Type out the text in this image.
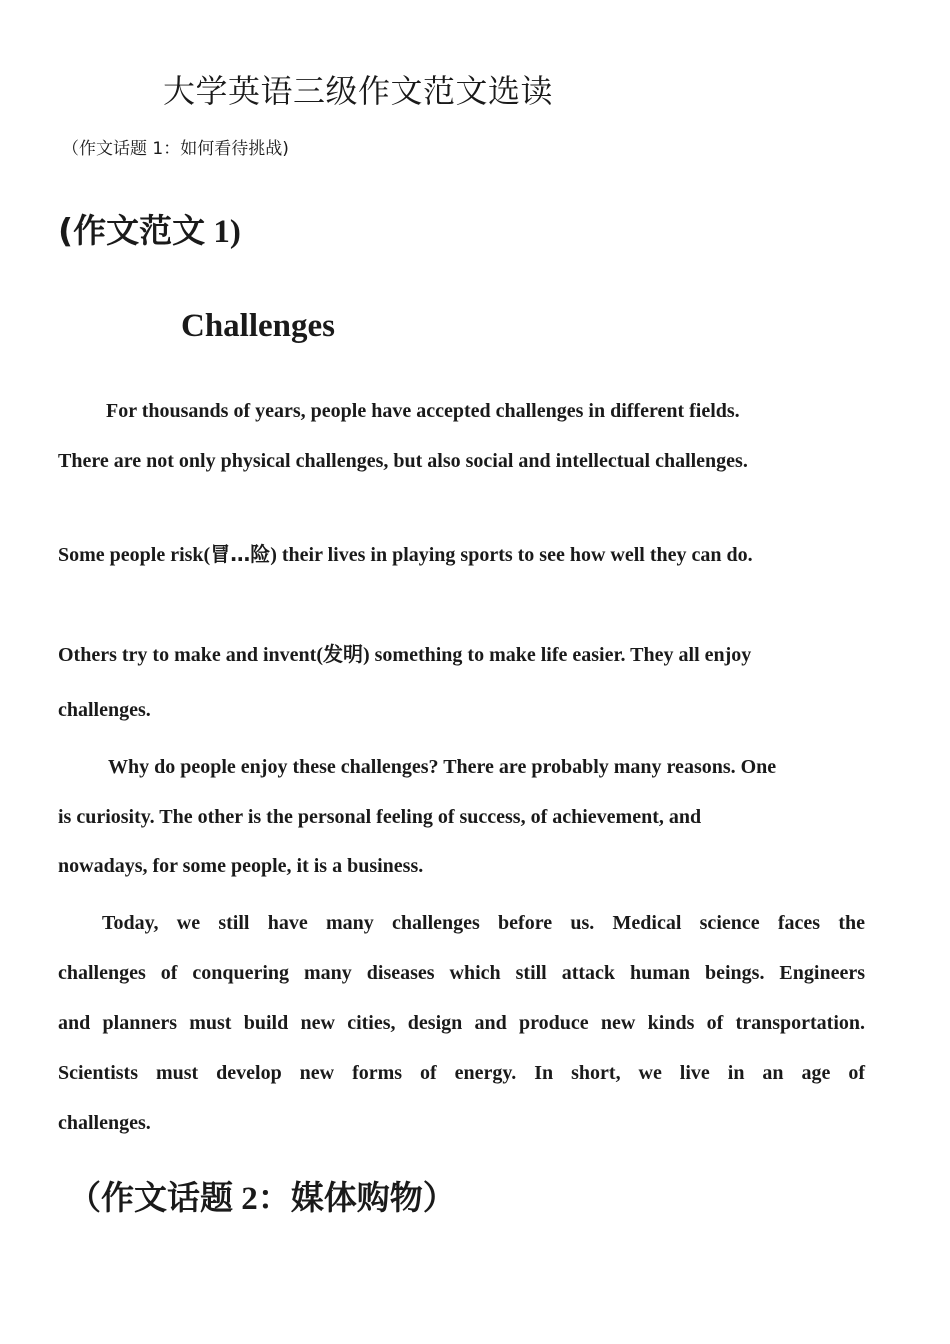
大学英语三级作文范文选读
（作文话题 1：如何看待挑战)
(作文范文 1)
Challenges
For thousands of years, people have accepted challenges in different fields.
There are not only physical challenges, but also social and intellectual challenges.
Some people risk(冒…险) their lives in playing sports to see how well they can do.
Others try to make and invent(发明) something to make life easier. They all enjoy
challenges.
Why do people enjoy these challenges? There are probably many reasons. One
is curiosity. The other is the personal feeling of success, of achievement, and
nowadays, for some people, it is a business.
Today, we still have many challenges before us. Medical science faces the
challenges of conquering many diseases which still attack human beings. Engineers
and planners must build new cities, design and produce new kinds of transportation.
Scientists must develop new forms of energy. In short, we live in an age of
challenges.
（作文话题 2：媒体购物）
